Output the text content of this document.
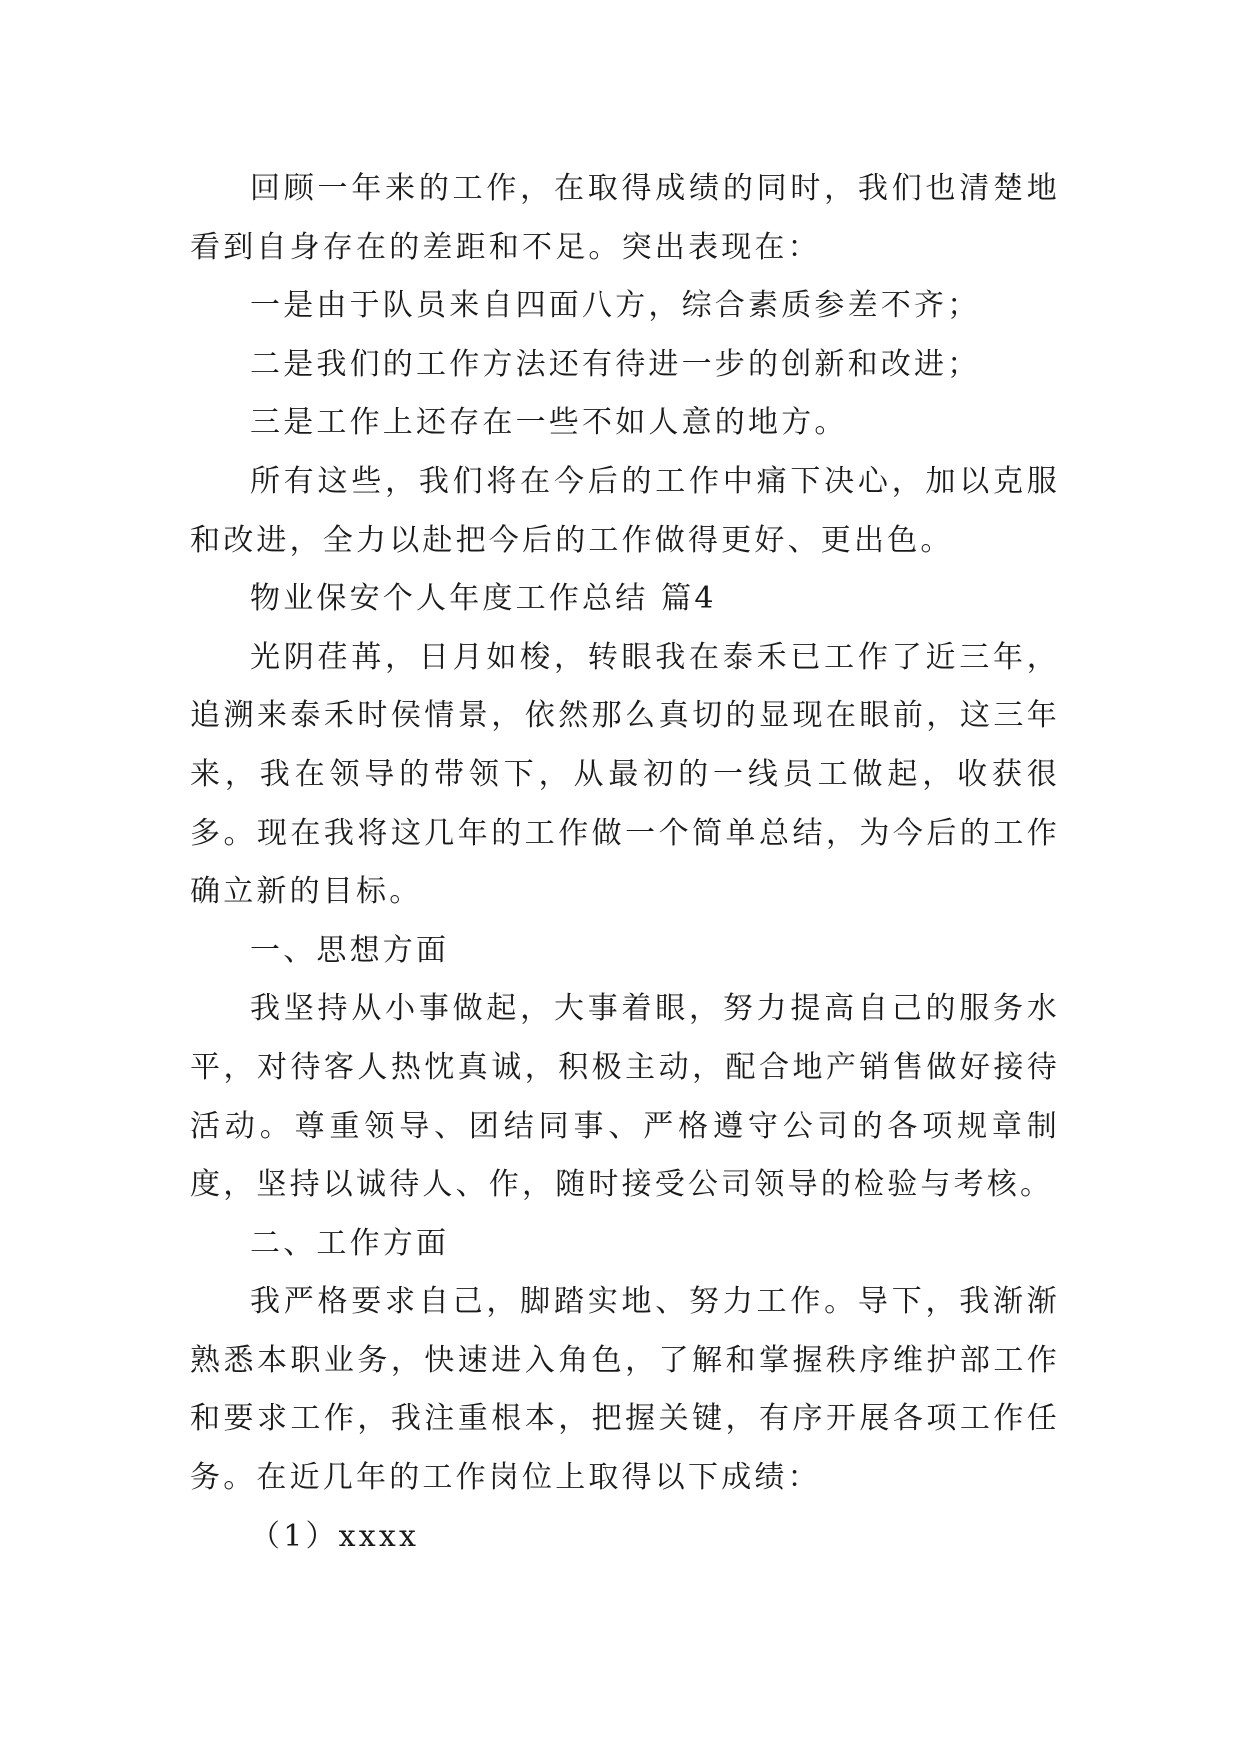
回顾一年来的工作，在取得成绩的同时，我们也清楚地看到自身存在的差距和不足。突出表现在：

一是由于队员来自四面八方，综合素质参差不齐；

二是我们的工作方法还有待进一步的创新和改进；

三是工作上还存在一些不如人意的地方。

所有这些，我们将在今后的工作中痛下决心，加以克服和改进，全力以赴把今后的工作做得更好、更出色。

物业保安个人年度工作总结 篇4

光阴荏苒，日月如梭，转眼我在泰禾已工作了近三年，追溯来泰禾时侯情景，依然那么真切的显现在眼前，这三年来，我在领导的带领下，从最初的一线员工做起，收获很多。现在我将这几年的工作做一个简单总结，为今后的工作确立新的目标。

一、思想方面

我坚持从小事做起，大事着眼，努力提高自己的服务水平，对待客人热忱真诚，积极主动，配合地产销售做好接待活动。尊重领导、团结同事、严格遵守公司的各项规章制度，坚持以诚待人、作，随时接受公司领导的检验与考核。

二、工作方面

我严格要求自己，脚踏实地、努力工作。导下，我渐渐熟悉本职业务，快速进入角色，了解和掌握秩序维护部工作和要求工作，我注重根本，把握关键，有序开展各项工作任务。在近几年的工作岗位上取得以下成绩：

（1）xxxx
